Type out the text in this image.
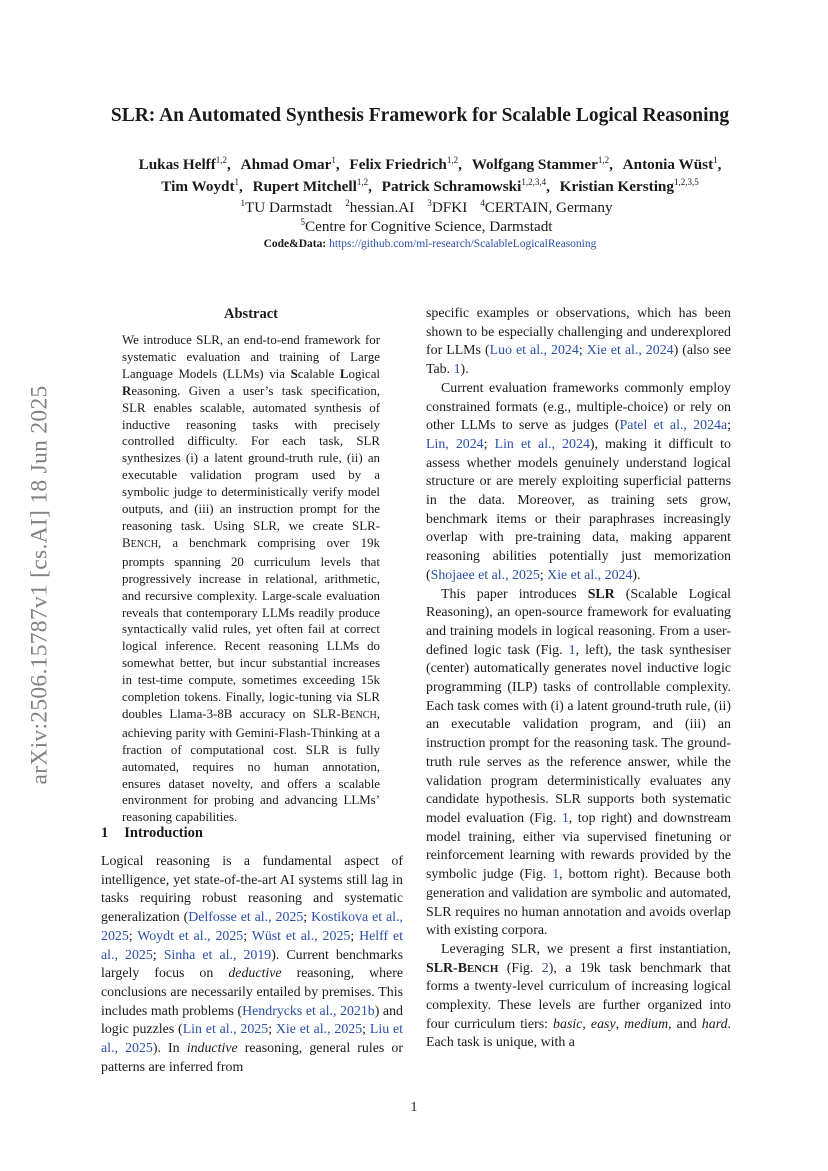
arXiv:2506.15787v1 [cs.AI] 18 Jun 2025
SLR: An Automated Synthesis Framework for Scalable Logical Reasoning
Lukas Helff$^{1,2}$, Ahmad Omar$^1$, Felix Friedrich$^{1,2}$, Wolfgang Stammer$^{1,2}$, Antonia Wüst$^1$,
Tim Woydt$^1$, Rupert Mitchell$^{1,2}$, Patrick Schramowski$^{1,2,3,4}$, Kristian Kersting$^{1,2,3,5}$
$^1$TU Darmstadt $^2$hessian.AI $^3$DFKI $^4$CERTAIN, Germany
$^5$Centre for Cognitive Science, Darmstadt
Code&Data: https://github.com/ml-research/ScalableLogicalReasoning
Abstract
We introduce SLR, an end-to-end framework for systematic evaluation and training of Large Language Models (LLMs) via Scalable Logical Reasoning. Given a user’s task specification, SLR enables scalable, automated synthesis of inductive reasoning tasks with precisely controlled difficulty. For each task, SLR synthesizes (i) a latent ground-truth rule, (ii) an executable validation program used by a symbolic judge to deterministically verify model outputs, and (iii) an instruction prompt for the reasoning task. Using SLR, we create SLR-BENCH, a benchmark comprising over 19k prompts spanning 20 curriculum levels that progressively increase in relational, arithmetic, and recursive complexity. Large-scale evaluation reveals that contemporary LLMs readily produce syntactically valid rules, yet often fail at correct logical inference. Recent reasoning LLMs do somewhat better, but incur substantial increases in test-time compute, sometimes exceeding 15k completion tokens. Finally, logic-tuning via SLR doubles Llama-3-8B accuracy on SLR-BENCH, achieving parity with Gemini-Flash-Thinking at a fraction of computational cost. SLR is fully automated, requires no human annotation, ensures dataset novelty, and offers a scalable environment for probing and advancing LLMs’ reasoning capabilities.
1 Introduction

Logical reasoning is a fundamental aspect of intelligence, yet state-of-the-art AI systems still lag in tasks requiring robust reasoning and systematic generalization (Delfosse et al., 2025; Kostikova et al., 2025; Woydt et al., 2025; Wüst et al., 2025; Helff et al., 2025; Sinha et al., 2019). Current benchmarks largely focus on deductive reasoning, where conclusions are necessarily entailed by premises. This includes math problems (Hendrycks et al., 2021b) and logic puzzles (Lin et al., 2025; Xie et al., 2025; Liu et al., 2025). In inductive reasoning, general rules or patterns are inferred from

specific examples or observations, which has been shown to be especially challenging and underexplored for LLMs (Luo et al., 2024; Xie et al., 2024) (also see Tab. 1).

Current evaluation frameworks commonly employ constrained formats (e.g., multiple-choice) or rely on other LLMs to serve as judges (Patel et al., 2024a; Lin, 2024; Lin et al., 2024), making it difficult to assess whether models genuinely understand logical structure or are merely exploiting superficial patterns in the data. Moreover, as training sets grow, benchmark items or their paraphrases increasingly overlap with pre-training data, making apparent reasoning abilities potentially just memorization (Shojaee et al., 2025; Xie et al., 2024).

This paper introduces SLR (Scalable Logical Reasoning), an open-source framework for evaluating and training models in logical reasoning. From a user-defined logic task (Fig. 1, left), the task synthesiser (center) automatically generates novel inductive logic programming (ILP) tasks of controllable complexity. Each task comes with (i) a latent ground-truth rule, (ii) an executable validation program, and (iii) an instruction prompt for the reasoning task. The ground-truth rule serves as the reference answer, while the validation program deterministically evaluates any candidate hypothesis. SLR supports both systematic model evaluation (Fig. 1, top right) and downstream model training, either via supervised finetuning or reinforcement learning with rewards provided by the symbolic judge (Fig. 1, bottom right). Because both generation and validation are symbolic and automated, SLR requires no human annotation and avoids overlap with existing corpora.

Leveraging SLR, we present a first instantiation, SLR-BENCH (Fig. 2), a 19k task benchmark that forms a twenty-level curriculum of increasing logical complexity. These levels are further organized into four curriculum tiers: basic, easy, medium, and hard. Each task is unique, with a

1
